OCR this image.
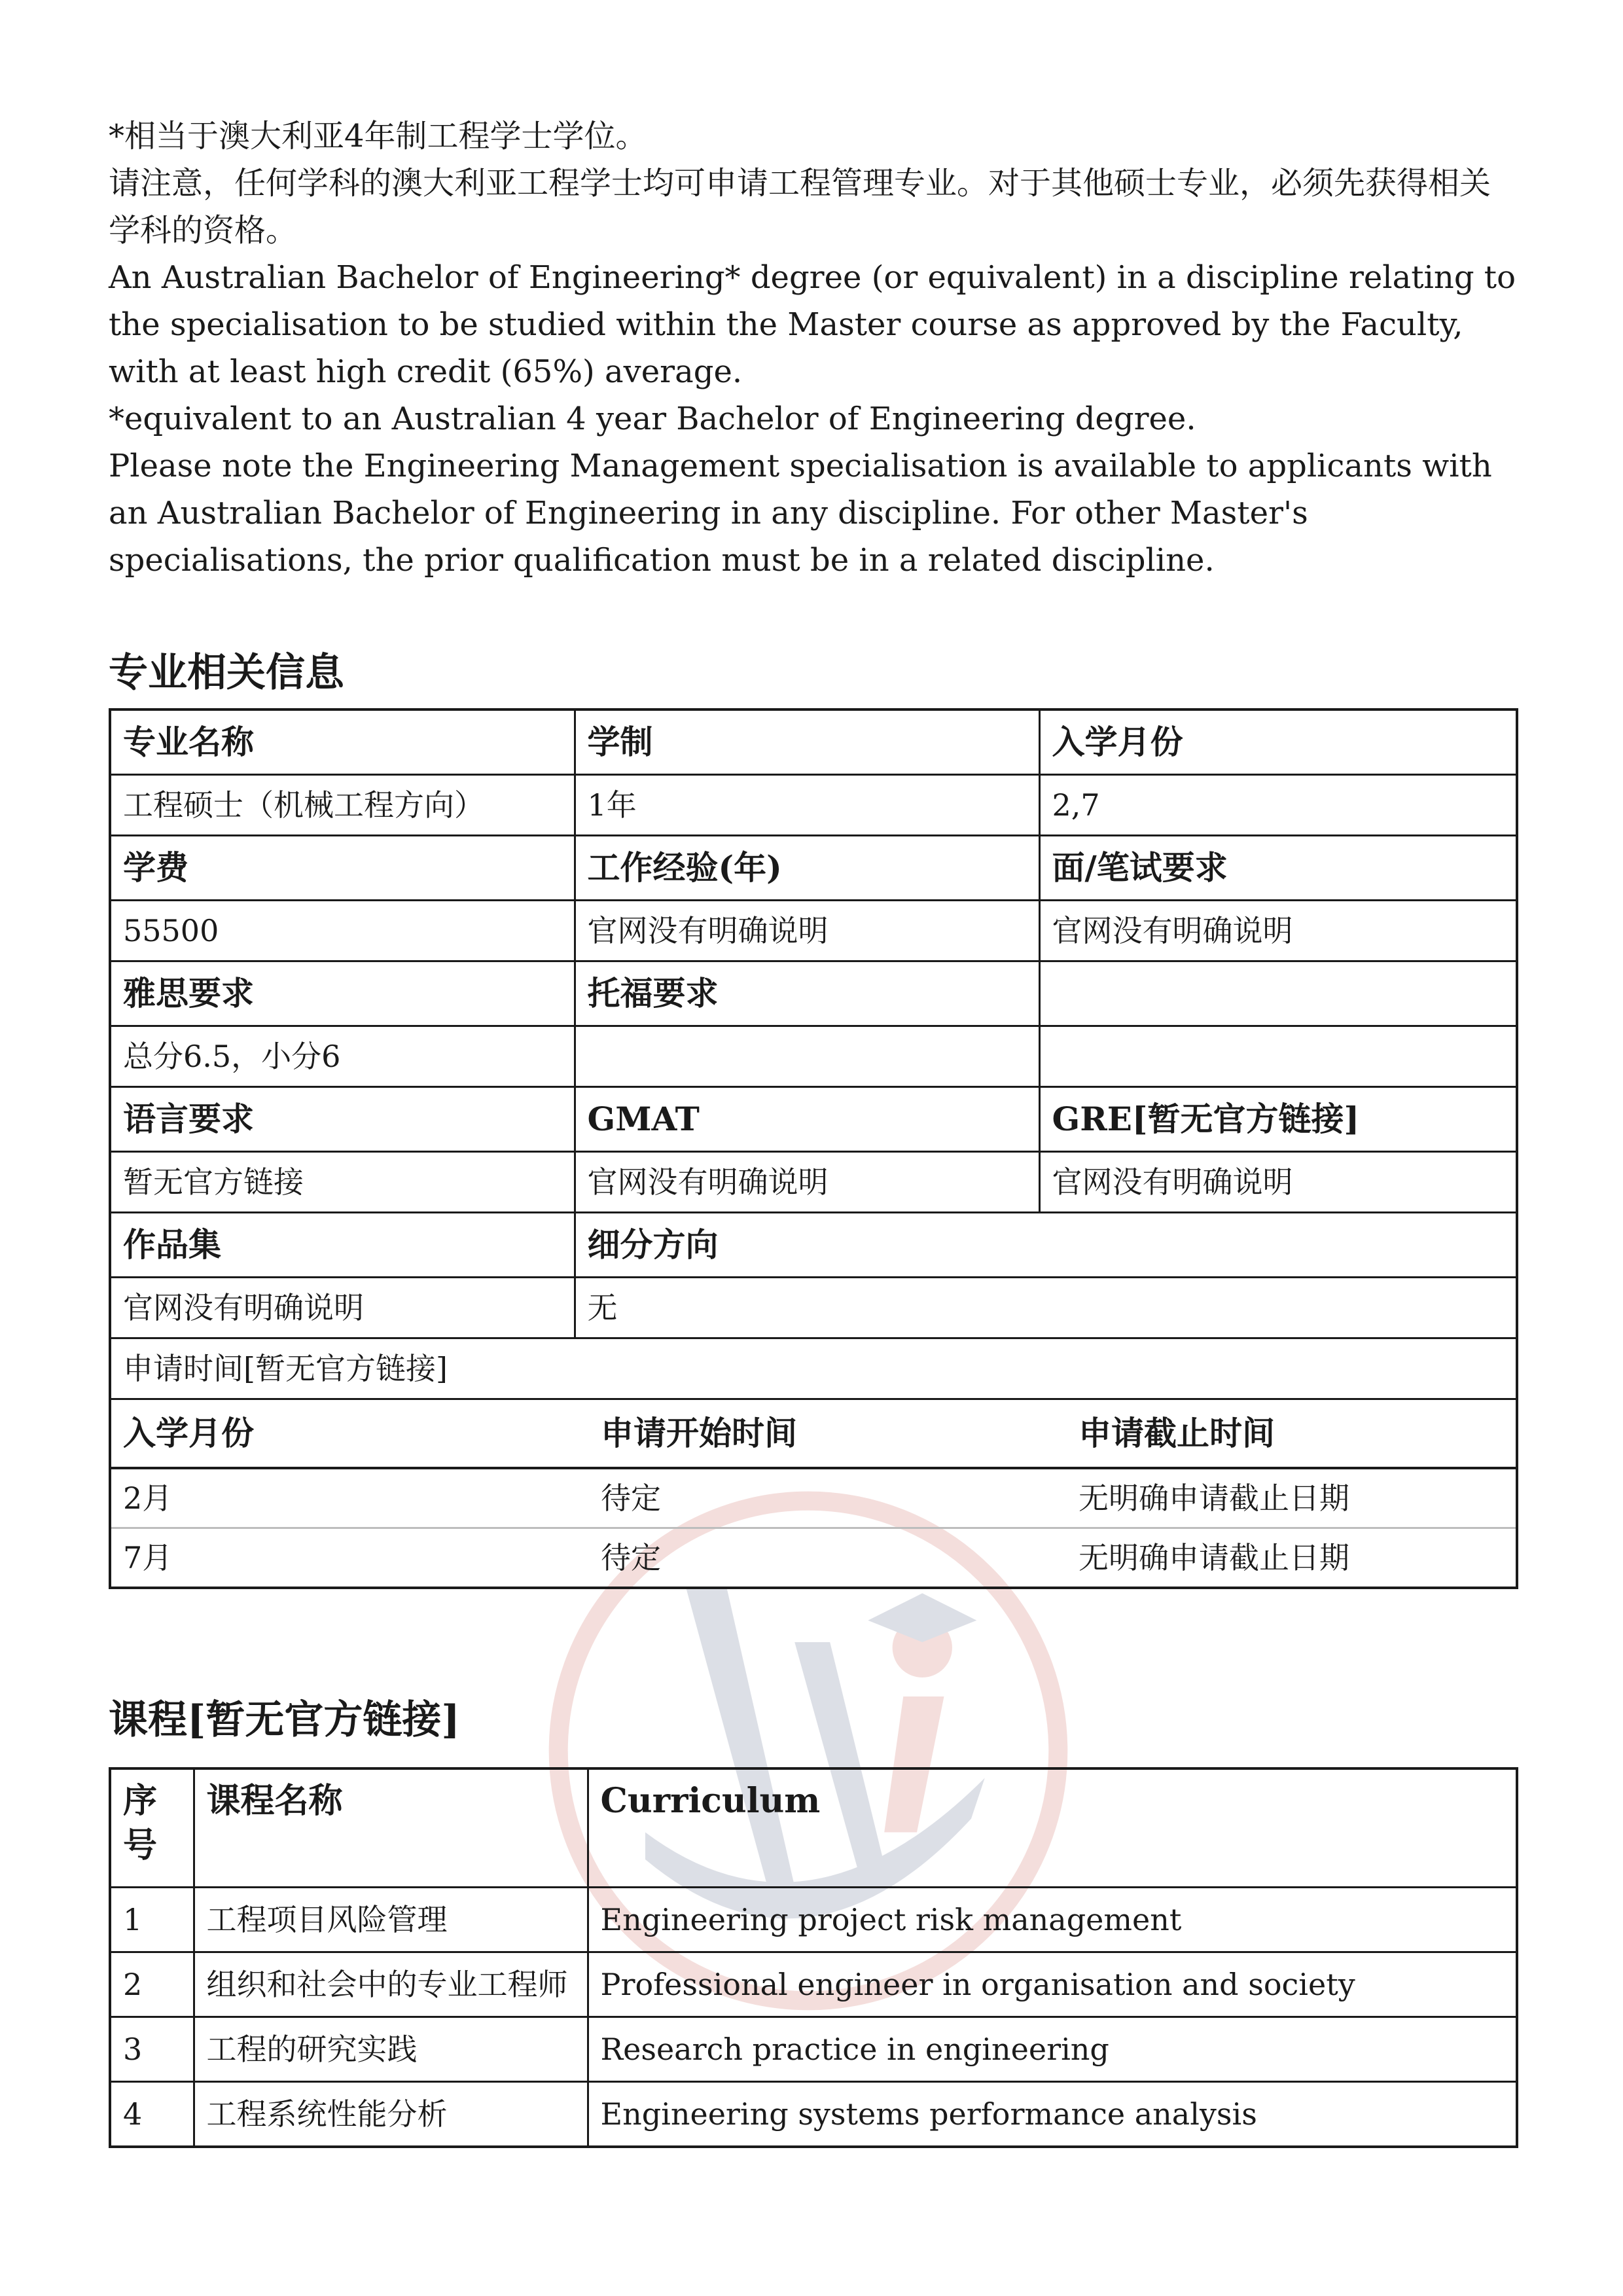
*相当于澳大利亚4年制工程学士学位。

请注意，任何学科的澳大利亚工程学士均可申请工程管理专业。对于其他硕士专业，必须先获得相关学科的资格。

An Australian Bachelor of Engineering* degree (or equivalent) in a discipline relating to the specialisation to be studied within the Master course as approved by the Faculty, with at least high credit (65%) average.

*equivalent to an Australian 4 year Bachelor of Engineering degree.

Please note the Engineering Management specialisation is available to applicants with an Australian Bachelor of Engineering in any discipline. For other Master's specialisations, the prior qualification must be in a related discipline.

专业相关信息
专业名称	学制	入学月份
工程硕士（机械工程方向）	1年	2,7
学费	工作经验(年)	面/笔试要求
55500	官网没有明确说明	官网没有明确说明
雅思要求	托福要求	
总分6.5，小分6		
语言要求	GMAT	GRE[暂无官方链接]
暂无官方链接	官网没有明确说明	官网没有明确说明
作品集	细分方向
官网没有明确说明	无
申请时间[暂无官方链接]

入学月份	申请开始时间	申请截止时间
2月	待定	无明确申请截止日期
7月	待定	无明确申请截止日期
课程[暂无官方链接]
序号	课程名称	Curriculum
1	工程项目风险管理	Engineering project risk management
2	组织和社会中的专业工程师	Professional engineer in organisation and society
3	工程的研究实践	Research practice in engineering
4	工程系统性能分析	Engineering systems performance analysis
